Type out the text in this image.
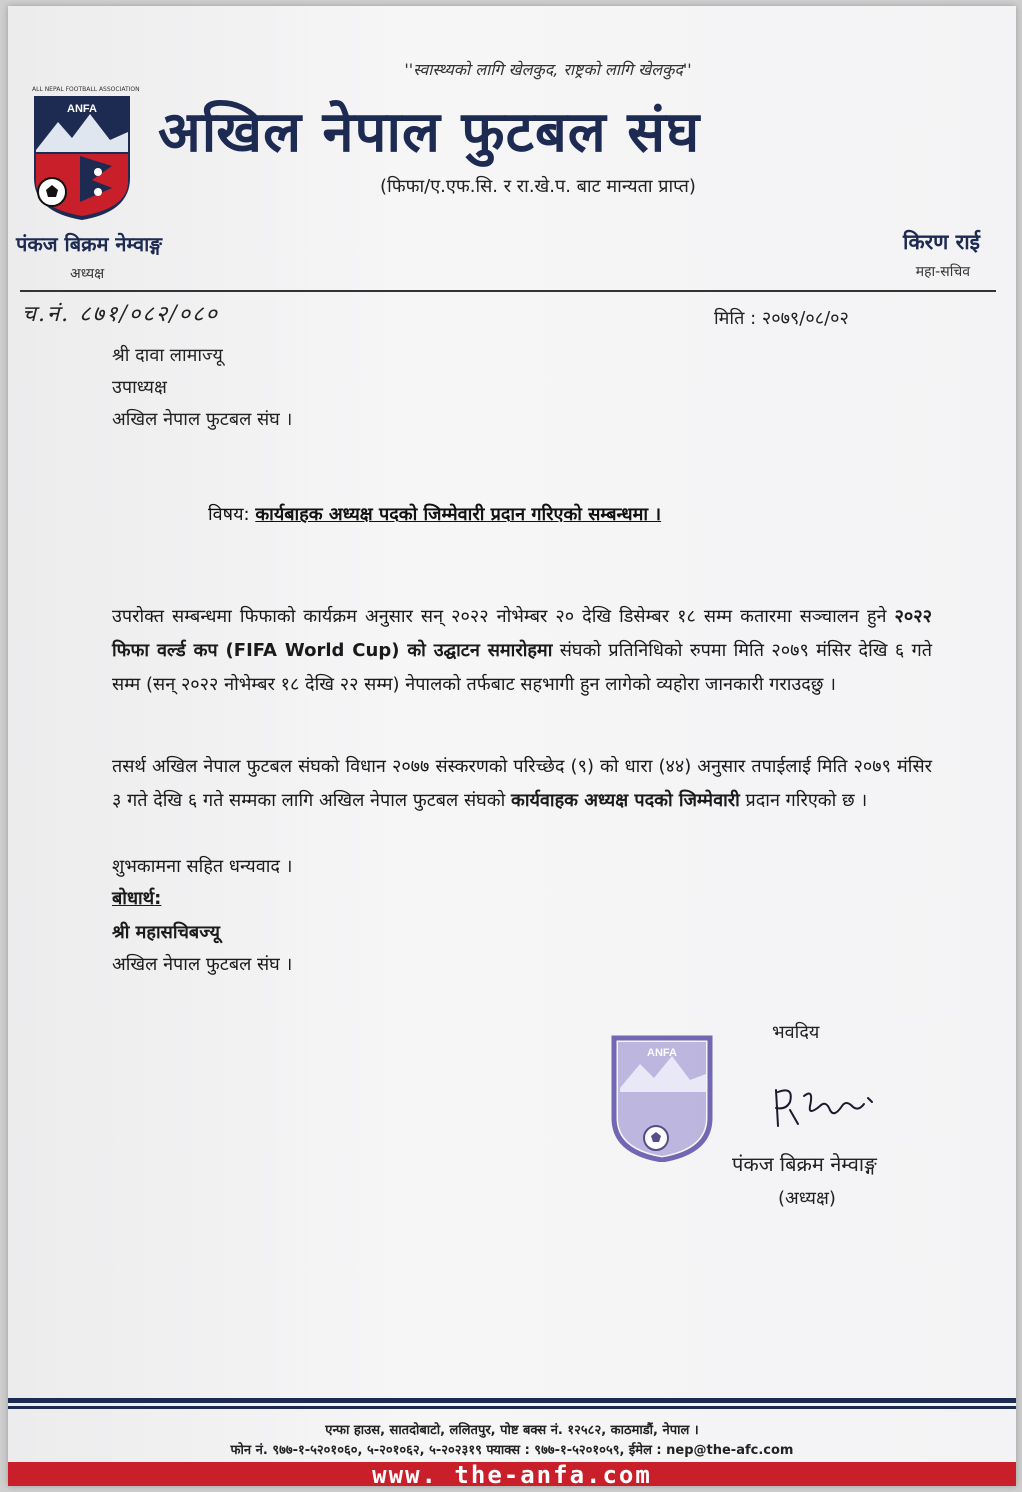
ANFA
ALL NEPAL FOOTBALL ASSOCIATION
''स्वास्थ्यको लागि खेलकुद, राष्ट्रको लागि खेलकुद''
अखिल नेपाल फुटबल संघ
(फिफा/ए.एफ.सि. र रा.खे.प. बाट मान्यता प्राप्त)
पंकज बिक्रम नेम्वाङ्ग
अध्यक्ष
किरण राई
महा-सचिव
च.नं. ८७१/०८२/०८०	मिति : २०७९/०८/०२
श्री दावा लामाज्यू
उपाध्यक्ष
अखिल नेपाल फुटबल संघ ।
विषय: कार्यबाहक अध्यक्ष पदको जिम्मेवारी प्रदान गरिएको सम्बन्धमा ।
उपरोक्त सम्बन्धमा फिफाको कार्यक्रम अनुसार सन् २०२२ नोभेम्बर २० देखि डिसेम्बर १८ सम्म कतारमा सञ्चालन हुने २०२२ फिफा वर्ल्ड कप (FIFA World Cup) को उद्घाटन समारोहमा संघको प्रतिनिधिको रुपमा मिति २०७९ मंसिर देखि ६ गते सम्म (सन् २०२२ नोभेम्बर १८ देखि २२ सम्म) नेपालको तर्फबाट सहभागी हुन लागेको व्यहोरा जानकारी गराउदछु ।
तसर्थ अखिल नेपाल फुटबल संघको विधान २०७७ संस्करणको परिच्छेद (९) को धारा (४४) अनुसार तपाईलाई मिति २०७९ मंसिर ३ गते देखि ६ गते सम्मका लागि अखिल नेपाल फुटबल संघको कार्यवाहक अध्यक्ष पदको जिम्मेवारी प्रदान गरिएको छ ।
शुभकामना सहित धन्यवाद ।
बोधार्थ:
श्री महासचिबज्यू
अखिल नेपाल फुटबल संघ ।
भवदिय
ANFA
पंकज बिक्रम नेम्वाङ्ग
(अध्यक्ष)
एन्फा हाउस, सातदोबाटो, ललितपुर, पोष्ट बक्स नं. १२५८२, काठमाडौं, नेपाल ।
फोन नं. ९७७-१-५२०१०६०, ५-२०१०६२, ५-२०२३१९ फ्याक्स : ९७७-१-५२०१०५९, ईमेल : nep@the-afc.com
www. the-anfa.com
